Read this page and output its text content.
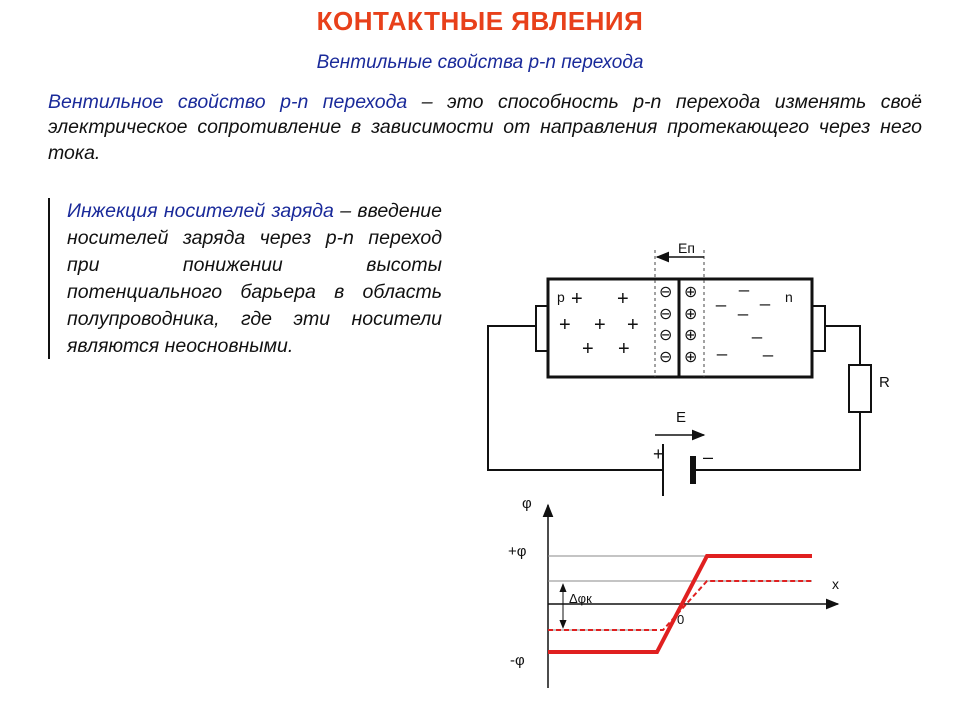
КОНТАКТНЫЕ ЯВЛЕНИЯ
Вентильные свойства p-n перехода
Вентильное свойство p-n перехода – это способность p-n перехода изменять своё электрическое сопротивление в зависимости от направления протекающего через него тока.
Инжекция носителей заряда – введение носителей заряда через p-n переход при понижении высоты потенциального барьера в область полупроводника, где эти носители являются неосновными.
Еп
p	n
+ +
+ + +
+ +
⊖
⊖
⊖
⊖
⊕
⊕
⊕
⊕
_
_ _
_
_
_ _
R
+ –
Е
φ
x
+φ
-φ
0
Δφк
